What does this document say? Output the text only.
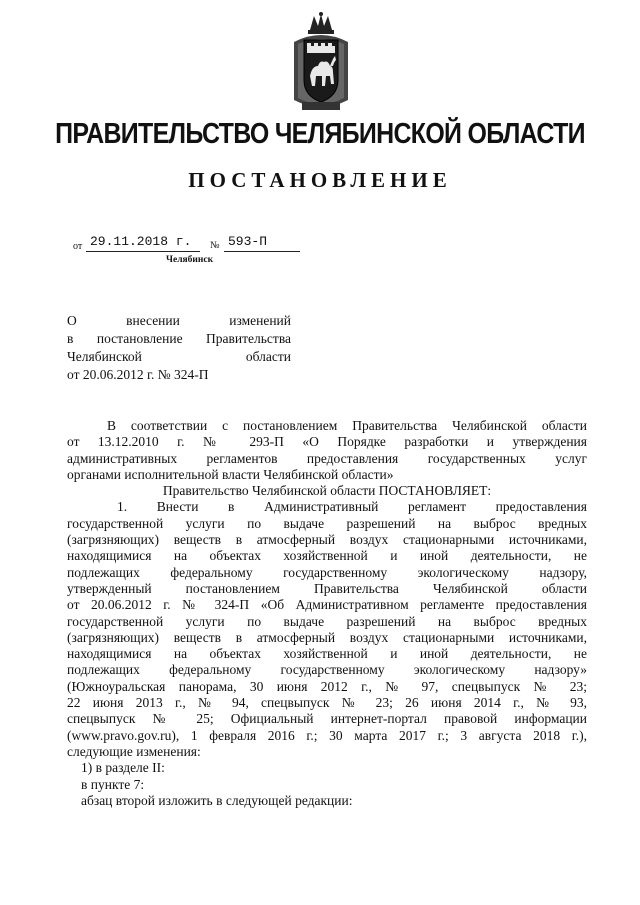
ПРАВИТЕЛЬСТВО ЧЕЛЯБИНСКОЙ ОБЛАСТИ
ПОСТАНОВЛЕНИЕ
от 29.11.2018 г. № 593-П
Челябинск
О	внесении	изменений
в постановление Правительства
Челябинской	области
от 20.06.2012 г. № 324-П
В соответствии с постановлением Правительства Челябинской области
от 13.12.2010 г. № 293-П «О Порядке разработки и утверждения
административных регламентов предоставления государственных услуг
органами исполнительной власти Челябинской области»
Правительство Челябинской области ПОСТАНОВЛЯЕТ:
1. Внести в Административный регламент предоставления
государственной услуги по выдаче разрешений на выброс вредных
(загрязняющих) веществ в атмосферный воздух стационарными источниками,
находящимися на объектах хозяйственной и иной деятельности, не
подлежащих федеральному государственному экологическому надзору,
утвержденный постановлением Правительства Челябинской области
от 20.06.2012 г. № 324-П «Об Административном регламенте предоставления
государственной услуги по выдаче разрешений на выброс вредных
(загрязняющих) веществ в атмосферный воздух стационарными источниками,
находящимися на объектах хозяйственной и иной деятельности, не
подлежащих федеральному государственному экологическому надзору»
(Южноуральская панорама, 30 июня 2012 г., № 97, спецвыпуск № 23;
22 июня 2013 г., № 94, спецвыпуск № 23; 26 июня 2014 г., № 93,
спецвыпуск № 25; Официальный интернет-портал правовой информации
(www.pravo.gov.ru), 1 февраля 2016 г.; 30 марта 2017 г.; 3 августа 2018 г.),
следующие изменения:
1) в разделе II:
в пункте 7:
абзац второй изложить в следующей редакции:
